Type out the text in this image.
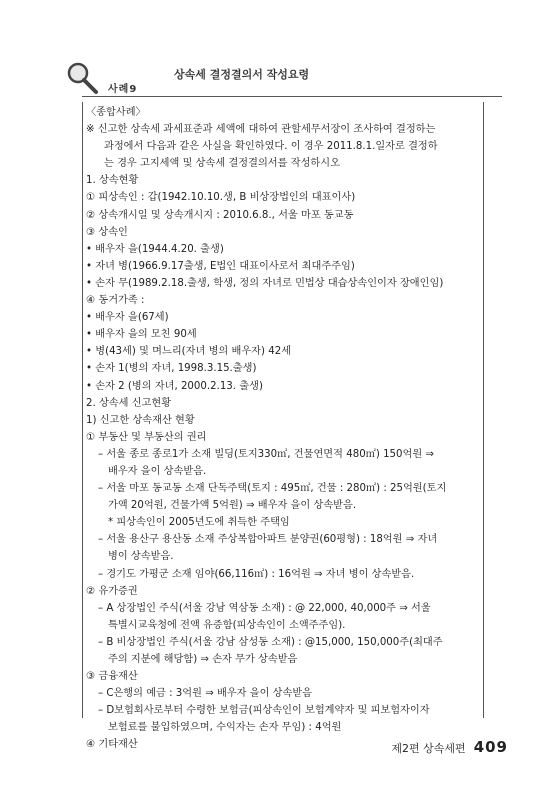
사례9
상속세 결정결의서 작성요령

〈종합사례〉

※ 신고한 상속세 과세표준과 세액에 대하여 관할세무서장이 조사하여 결정하는

과정에서 다음과 같은 사실을 확인하였다. 이 경우 2011.8.1.일자로 결정하

는 경우 고지세액 및 상속세 결정결의서를 작성하시오

1. 상속현황

① 피상속인 : 갑(1942.10.10.생, B 비상장법인의 대표이사)

② 상속개시일 및 상속개시지 : 2010.6.8., 서울 마포 동교동

③ 상속인

• 배우자 을(1944.4.20. 출생)

• 자녀 병(1966.9.17출생, E법인 대표이사로서 최대주주임)

• 손자 무(1989.2.18.출생, 학생, 정의 자녀로 민법상 대습상속인이자 장애인임)

④ 동거가족 :

• 배우자 을(67세)

• 배우자 을의 모친 90세

• 병(43세) 및 며느리(자녀 병의 배우자) 42세

• 손자 1(병의 자녀, 1998.3.15.출생)

• 손자 2 (병의 자녀, 2000.2.13. 출생)

2. 상속세 신고현황

1) 신고한 상속재산 현황

① 부동산 및 부동산의 권리

– 서울 종로 종로1가 소재 빌딩(토지330㎡, 건물연면적 480㎡) 150억원 ⇒

배우자 을이 상속받음.

– 서울 마포 동교동 소재 단독주택(토지 : 495㎡, 건물 : 280㎡) : 25억원(토지

가액 20억원, 건물가액 5억원) ⇒ 배우자 을이 상속받음.

* 피상속인이 2005년도에 취득한 주택임

– 서울 용산구 용산동 소재 주상복합아파트 분양권(60평형) : 18억원 ⇒ 자녀

병이 상속받음.

– 경기도 가평군 소재 임야(66,116㎡) : 16억원 ⇒ 자녀 병이 상속받음.

② 유가증권

– A 상장법인 주식(서울 강남 역삼동 소재) : @ 22,000, 40,000주 ⇒ 서울

특별시교육청에 전액 유증함(피상속인이 소액주주임).

– B 비상장법인 주식(서울 강남 삼성동 소재) : @15,000, 150,000주(최대주

주의 지분에 해당함) ⇒ 손자 무가 상속받음

③ 금융재산

– C은행의 예금 : 3억원 ⇒ 배우자 을이 상속받음

– D보험회사로부터 수령한 보험금(피상속인이 보험계약자 및 피보험자이자

보험료를 불입하였으며, 수익자는 손자 무임) : 4억원

④ 기타재산	제2편 상속세편 409
